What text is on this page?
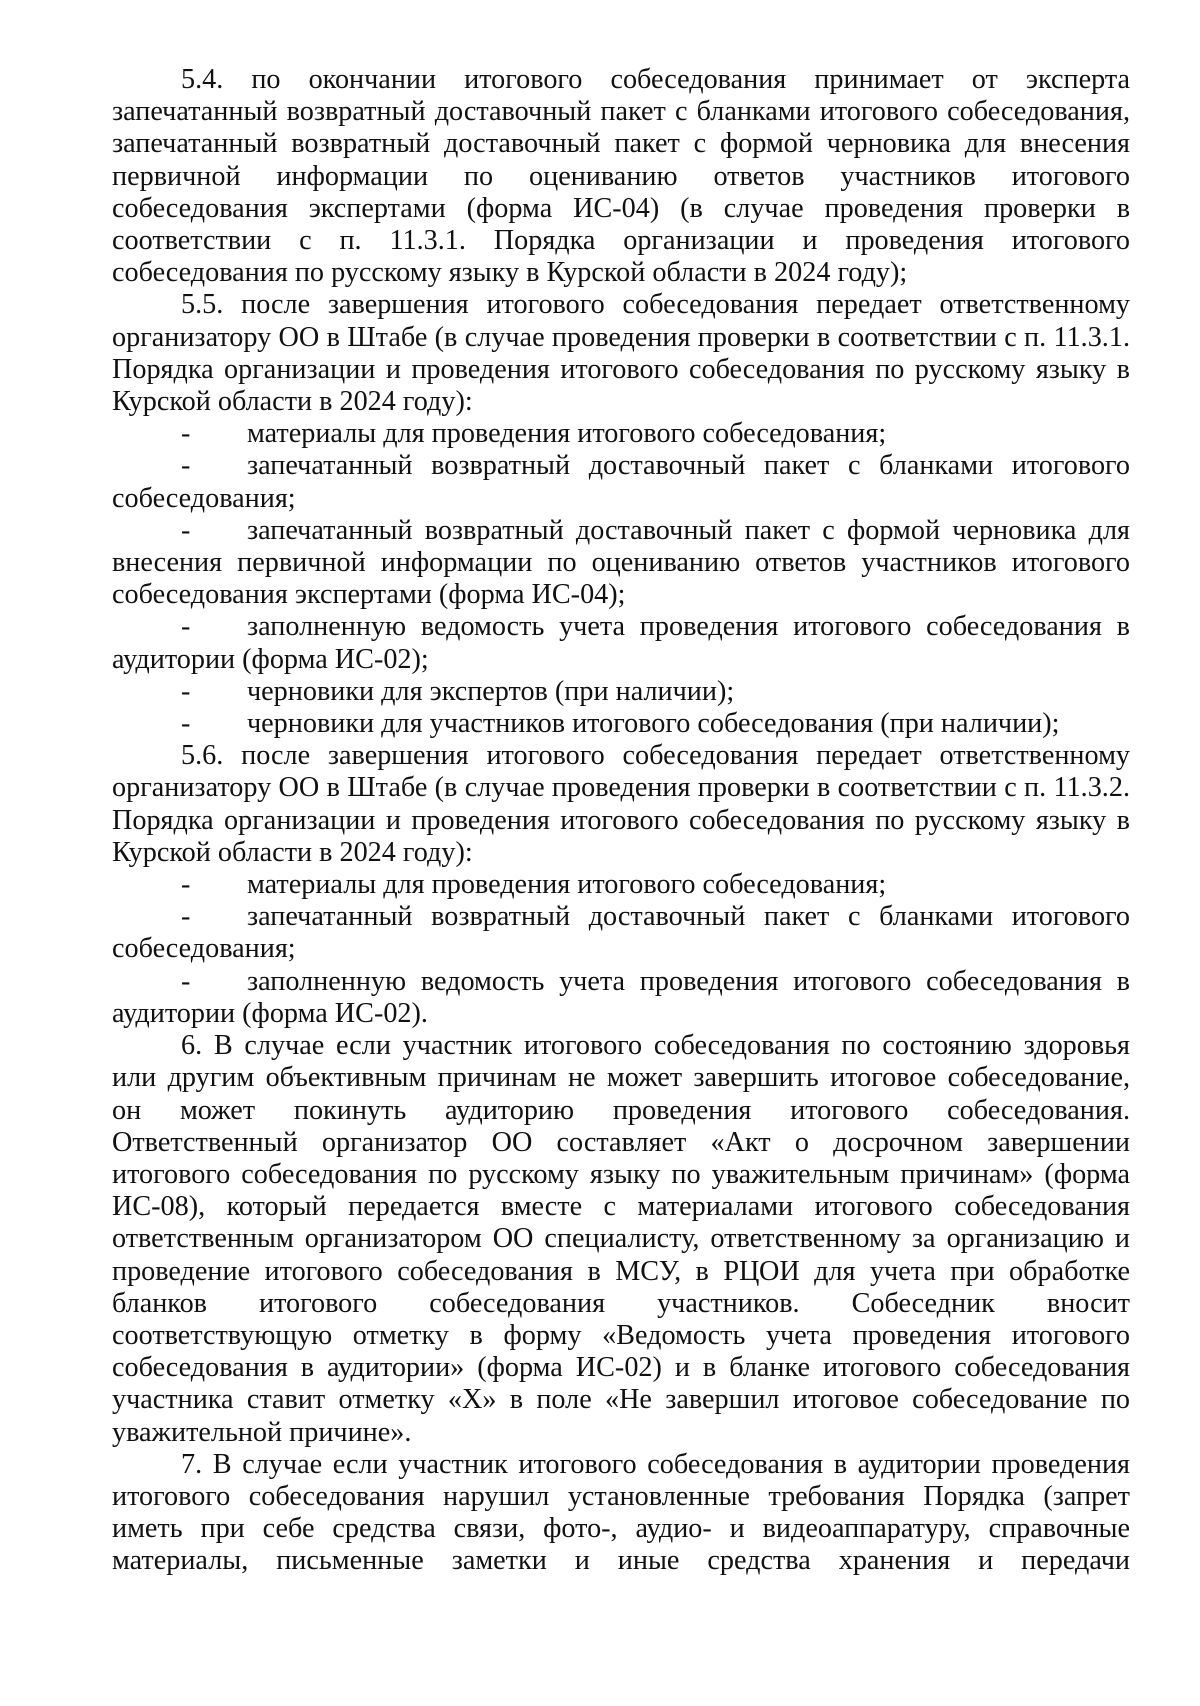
5.4. по окончании итогового собеседования принимает от эксперта запечатанный возвратный доставочный пакет с бланками итогового собеседования, запечатанный возвратный доставочный пакет с формой черновика для внесения первичной информации по оцениванию ответов участников итогового собеседования экспертами (форма ИС-04) (в случае проведения проверки в соответствии с п. 11.3.1. Порядка организации и проведения итогового собеседования по русскому языку в Курской области в 2024 году);

5.5. после завершения итогового собеседования передает ответственному организатору ОО в Штабе (в случае проведения проверки в соответствии с п. 11.3.1. Порядка организации и проведения итогового собеседования по русскому языку в Курской области в 2024 году):

- материалы для проведения итогового собеседования;

- запечатанный возвратный доставочный пакет с бланками итогового собеседования;

- запечатанный возвратный доставочный пакет с формой черновика для внесения первичной информации по оцениванию ответов участников итогового собеседования экспертами (форма ИС-04);

- заполненную ведомость учета проведения итогового собеседования в аудитории (форма ИС-02);

- черновики для экспертов (при наличии);

- черновики для участников итогового собеседования (при наличии);

5.6. после завершения итогового собеседования передает ответственному организатору ОО в Штабе (в случае проведения проверки в соответствии с п. 11.3.2. Порядка организации и проведения итогового собеседования по русскому языку в Курской области в 2024 году):

- материалы для проведения итогового собеседования;

- запечатанный возвратный доставочный пакет с бланками итогового собеседования;

- заполненную ведомость учета проведения итогового собеседования в аудитории (форма ИС-02).

6. В случае если участник итогового собеседования по состоянию здоровья или другим объективным причинам не может завершить итоговое собеседование, он может покинуть аудиторию проведения итогового собеседования. Ответственный организатор ОО составляет «Акт о досрочном завершении итогового собеседования по русскому языку по уважительным причинам» (форма ИС-08), который передается вместе с материалами итогового собеседования ответственным организатором ОО специалисту, ответственному за организацию и проведение итогового собеседования в МСУ, в РЦОИ для учета при обработке бланков итогового собеседования участников. Собеседник вносит соответствующую отметку в форму «Ведомость учета проведения итогового собеседования в аудитории» (форма ИС-02) и в бланке итогового собеседования участника ставит отметку «Х» в поле «Не завершил итоговое собеседование по уважительной причине».

7. В случае если участник итогового собеседования в аудитории проведения итогового собеседования нарушил установленные требования Порядка (запрет иметь при себе средства связи, фото-, аудио- и видеоаппаратуру, справочные материалы, письменные заметки и иные средства хранения и передачи
